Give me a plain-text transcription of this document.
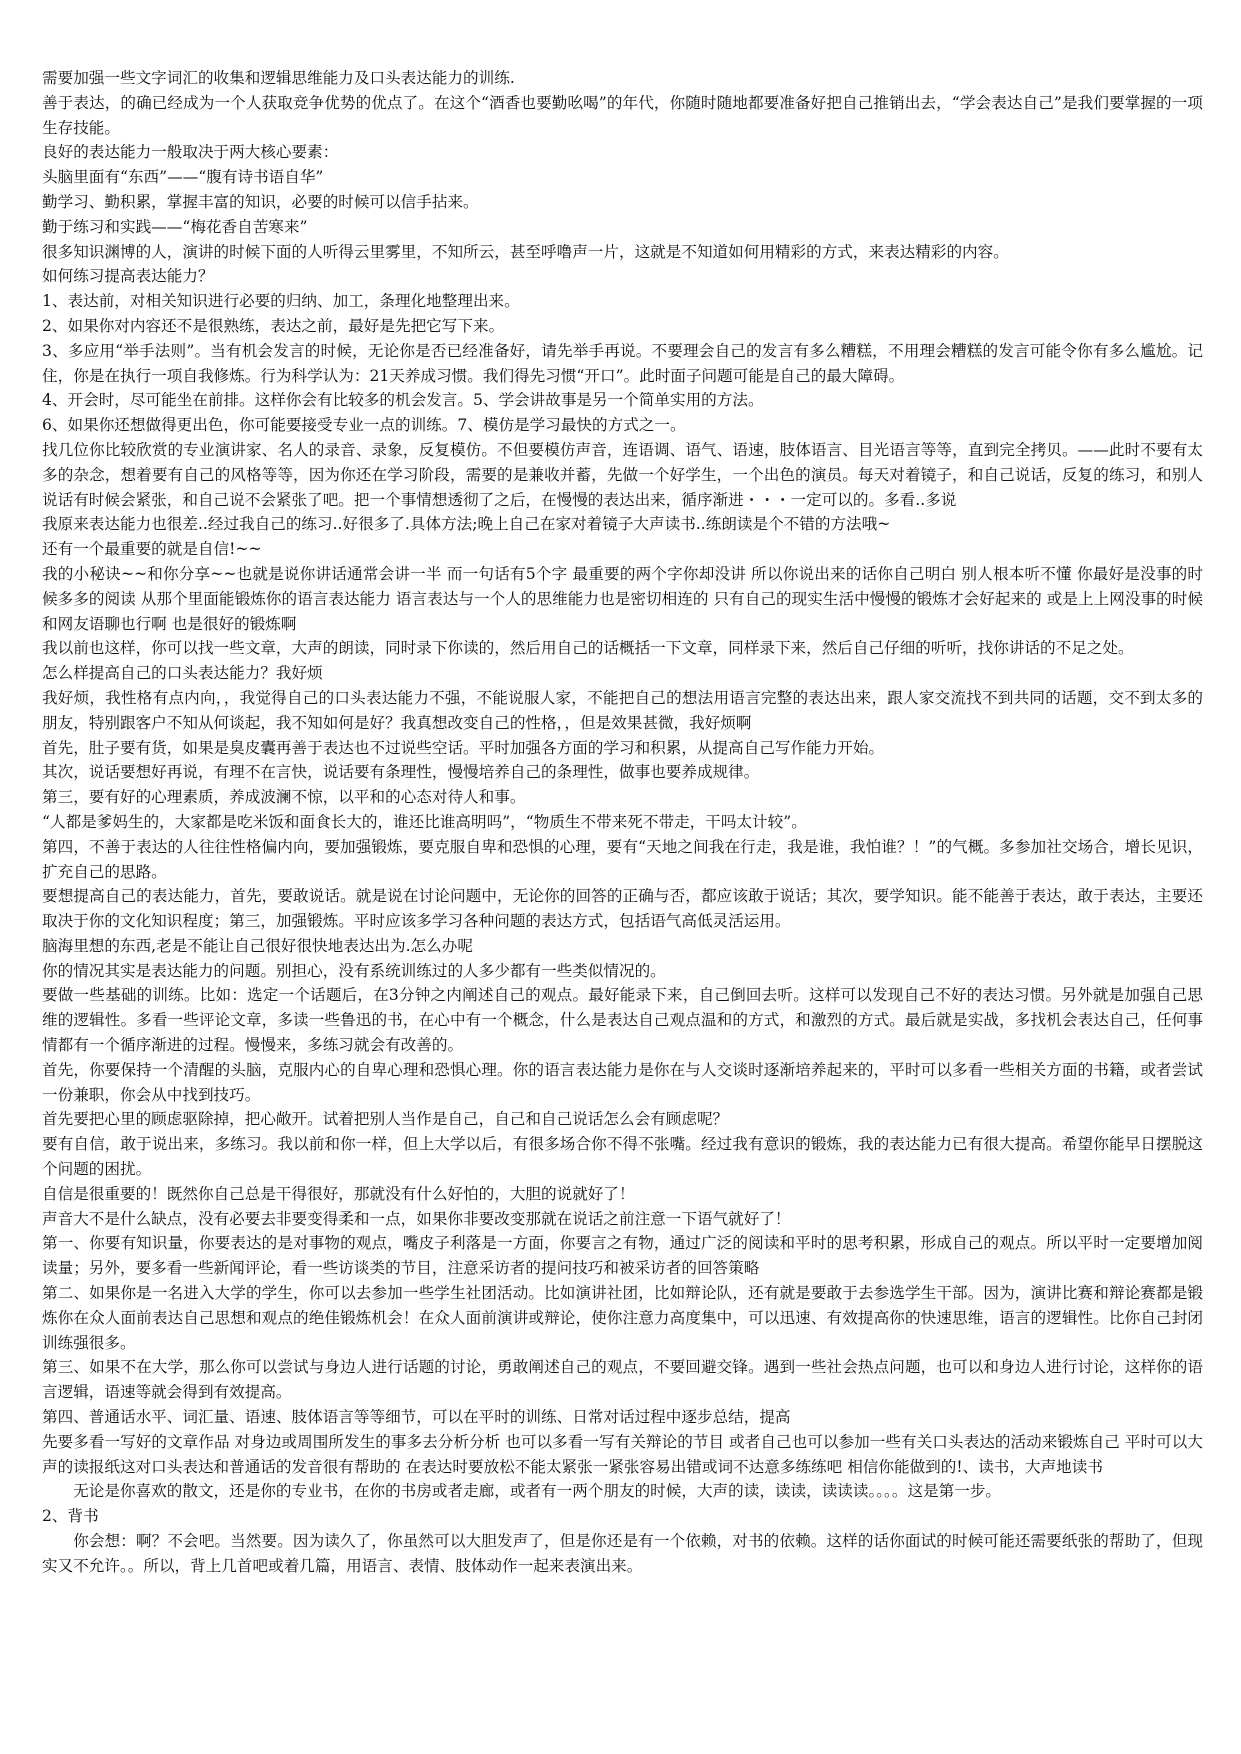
需要加强一些文字词汇的收集和逻辑思维能力及口头表达能力的训练.

善于表达，的确已经成为一个人获取竞争优势的优点了。在这个“酒香也要勤吆喝”的年代，你随时随地都要准备好把自己推销出去，“学会表达自己”是我们要掌握的一项生存技能。

良好的表达能力一般取决于两大核心要素：

头脑里面有“东西”——“腹有诗书语自华”

勤学习、勤积累，掌握丰富的知识，必要的时候可以信手拈来。

勤于练习和实践——“梅花香自苦寒来”

很多知识渊博的人，演讲的时候下面的人听得云里雾里，不知所云，甚至呼噜声一片，这就是不知道如何用精彩的方式，来表达精彩的内容。

如何练习提高表达能力？

1、表达前，对相关知识进行必要的归纳、加工，条理化地整理出来。

2、如果你对内容还不是很熟练，表达之前，最好是先把它写下来。

3、多应用“举手法则”。当有机会发言的时候，无论你是否已经准备好，请先举手再说。不要理会自己的发言有多么糟糕，不用理会糟糕的发言可能令你有多么尴尬。记住，你是在执行一项自我修炼。行为科学认为：21天养成习惯。我们得先习惯“开口”。此时面子问题可能是自己的最大障碍。

4、开会时，尽可能坐在前排。这样你会有比较多的机会发言。5、学会讲故事是另一个简单实用的方法。

6、如果你还想做得更出色，你可能要接受专业一点的训练。7、模仿是学习最快的方式之一。

找几位你比较欣赏的专业演讲家、名人的录音、录象，反复模仿。不但要模仿声音，连语调、语气、语速，肢体语言、目光语言等等，直到完全拷贝。——此时不要有太多的杂念，想着要有自己的风格等等，因为你还在学习阶段，需要的是兼收并蓄，先做一个好学生，一个出色的演员。每天对着镜子，和自己说话，反复的练习，和别人说话有时候会紧张，和自己说不会紧张了吧。把一个事情想透彻了之后，在慢慢的表达出来，循序渐进・・・一定可以的。多看..多说

我原来表达能力也很差..经过我自己的练习..好很多了.具体方法;晚上自己在家对着镜子大声读书..练朗读是个不错的方法哦~

还有一个最重要的就是自信!~~

我的小秘诀~~和你分享~~也就是说你讲话通常会讲一半 而一句话有5个字 最重要的两个字你却没讲 所以你说出来的话你自己明白 别人根本听不懂 你最好是没事的时候多多的阅读 从那个里面能锻炼你的语言表达能力 语言表达与一个人的思维能力也是密切相连的 只有自己的现实生活中慢慢的锻炼才会好起来的 或是上上网没事的时候和网友语聊也行啊 也是很好的锻炼啊

我以前也这样，你可以找一些文章，大声的朗读，同时录下你读的，然后用自己的话概括一下文章，同样录下来，然后自己仔细的听听，找你讲话的不足之处。

怎么样提高自己的口头表达能力？我好烦

我好烦，我性格有点内向，，我觉得自己的口头表达能力不强，不能说服人家，不能把自己的想法用语言完整的表达出来，跟人家交流找不到共同的话题，交不到太多的朋友，特别跟客户不知从何谈起，我不知如何是好？我真想改变自己的性格，，但是效果甚微，我好烦啊

首先，肚子要有货，如果是臭皮囊再善于表达也不过说些空话。平时加强各方面的学习和积累，从提高自己写作能力开始。

其次，说话要想好再说，有理不在言快，说话要有条理性，慢慢培养自己的条理性，做事也要养成规律。

第三，要有好的心理素质，养成波澜不惊，以平和的心态对待人和事。

“人都是爹妈生的，大家都是吃米饭和面食长大的，谁还比谁高明吗”，“物质生不带来死不带走，干吗太计较”。

第四，不善于表达的人往往性格偏内向，要加强锻炼，要克服自卑和恐惧的心理，要有“天地之间我在行走，我是谁，我怕谁？！”的气概。多参加社交场合，增长见识，扩充自己的思路。

要想提高自己的表达能力，首先，要敢说话。就是说在讨论问题中，无论你的回答的正确与否，都应该敢于说话；其次，要学知识。能不能善于表达，敢于表达，主要还取决于你的文化知识程度；第三，加强锻炼。平时应该多学习各种问题的表达方式，包括语气高低灵活运用。

脑海里想的东西,老是不能让自己很好很快地表达出为.怎么办呢

你的情况其实是表达能力的问题。别担心，没有系统训练过的人多少都有一些类似情况的。

要做一些基础的训练。比如：选定一个话题后，在3分钟之内阐述自己的观点。最好能录下来，自己倒回去听。这样可以发现自己不好的表达习惯。另外就是加强自己思维的逻辑性。多看一些评论文章，多读一些鲁迅的书，在心中有一个概念，什么是表达自己观点温和的方式，和激烈的方式。最后就是实战，多找机会表达自己，任何事情都有一个循序渐进的过程。慢慢来，多练习就会有改善的。

首先，你要保持一个清醒的头脑，克服内心的自卑心理和恐惧心理。你的语言表达能力是你在与人交谈时逐渐培养起来的，平时可以多看一些相关方面的书籍，或者尝试一份兼职，你会从中找到技巧。

首先要把心里的顾虑驱除掉，把心敞开。试着把别人当作是自己，自己和自己说话怎么会有顾虑呢？

要有自信，敢于说出来，多练习。我以前和你一样，但上大学以后，有很多场合你不得不张嘴。经过我有意识的锻炼，我的表达能力已有很大提高。希望你能早日摆脱这个问题的困扰。

自信是很重要的！既然你自己总是干得很好，那就没有什么好怕的，大胆的说就好了！

声音大不是什么缺点，没有必要去非要变得柔和一点，如果你非要改变那就在说话之前注意一下语气就好了！

第一、你要有知识量，你要表达的是对事物的观点，嘴皮子利落是一方面，你要言之有物，通过广泛的阅读和平时的思考积累，形成自己的观点。所以平时一定要增加阅读量；另外，要多看一些新闻评论，看一些访谈类的节目，注意采访者的提问技巧和被采访者的回答策略

第二、如果你是一名进入大学的学生，你可以去参加一些学生社团活动。比如演讲社团，比如辩论队，还有就是要敢于去参选学生干部。因为，演讲比赛和辩论赛都是锻炼你在众人面前表达自己思想和观点的绝佳锻炼机会！在众人面前演讲或辩论，使你注意力高度集中，可以迅速、有效提高你的快速思维，语言的逻辑性。比你自己封闭训练强很多。

第三、如果不在大学，那么你可以尝试与身边人进行话题的讨论，勇敢阐述自己的观点，不要回避交锋。遇到一些社会热点问题，也可以和身边人进行讨论，这样你的语言逻辑，语速等就会得到有效提高。

第四、普通话水平、词汇量、语速、肢体语言等等细节，可以在平时的训练、日常对话过程中逐步总结，提高

先要多看一写好的文章作品 对身边或周围所发生的事多去分析分析 也可以多看一写有关辩论的节目 或者自己也可以参加一些有关口头表达的活动来锻炼自己 平时可以大声的读报纸这对口头表达和普通话的发音很有帮助的 在表达时要放松不能太紧张一紧张容易出错或词不达意多练练吧 相信你能做到的!、读书，大声地读书

无论是你喜欢的散文，还是你的专业书，在你的书房或者走廊，或者有一两个朋友的时候，大声的读，读读，读读读。。。。这是第一步。

2、背书

你会想：啊？不会吧。当然要。因为读久了，你虽然可以大胆发声了，但是你还是有一个依赖，对书的依赖。这样的话你面试的时候可能还需要纸张的帮助了，但现实又不允许。。所以，背上几首吧或着几篇，用语言、表情、肢体动作一起来表演出来。
